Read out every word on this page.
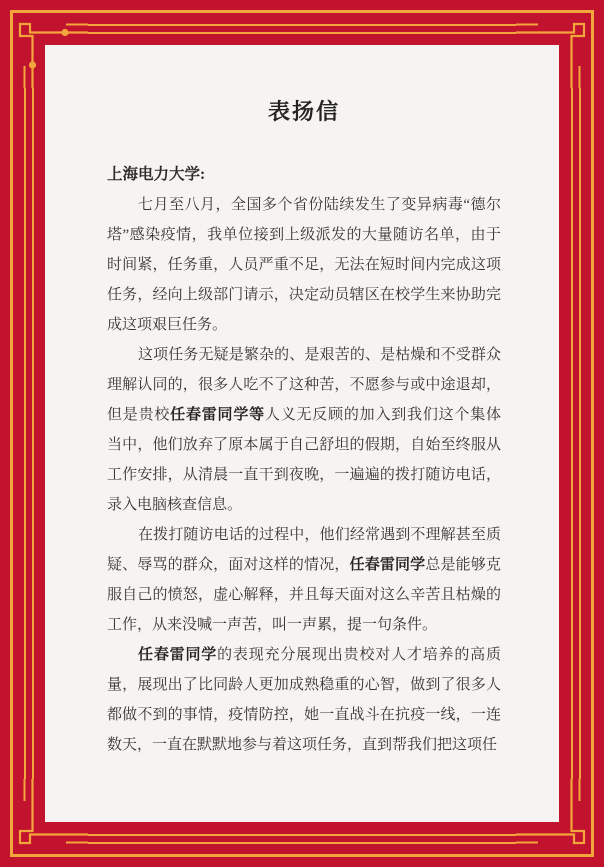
表扬信
上海电力大学:
七月至八月，全国多个省份陆续发生了变异病毒“德尔
塔”感染疫情，我单位接到上级派发的大量随访名单，由于
时间紧，任务重，人员严重不足，无法在短时间内完成这项
任务，经向上级部门请示，决定动员辖区在校学生来协助完
成这项艰巨任务。
这项任务无疑是繁杂的、是艰苦的、是枯燥和不受群众
理解认同的，很多人吃不了这种苦，不愿参与或中途退却，
但是贵校任春雷同学等人义无反顾的加入到我们这个集体
当中，他们放弃了原本属于自己舒坦的假期，自始至终服从
工作安排，从清晨一直干到夜晚，一遍遍的拨打随访电话，
录入电脑核查信息。
在拨打随访电话的过程中，他们经常遇到不理解甚至质
疑、辱骂的群众，面对这样的情况，任春雷同学总是能够克
服自己的愤怒，虚心解释，并且每天面对这么辛苦且枯燥的
工作，从来没喊一声苦，叫一声累，提一句条件。
任春雷同学的表现充分展现出贵校对人才培养的高质
量，展现出了比同龄人更加成熟稳重的心智，做到了很多人
都做不到的事情，疫情防控，她一直战斗在抗疫一线，一连
数天，一直在默默地参与着这项任务，直到帮我们把这项任
